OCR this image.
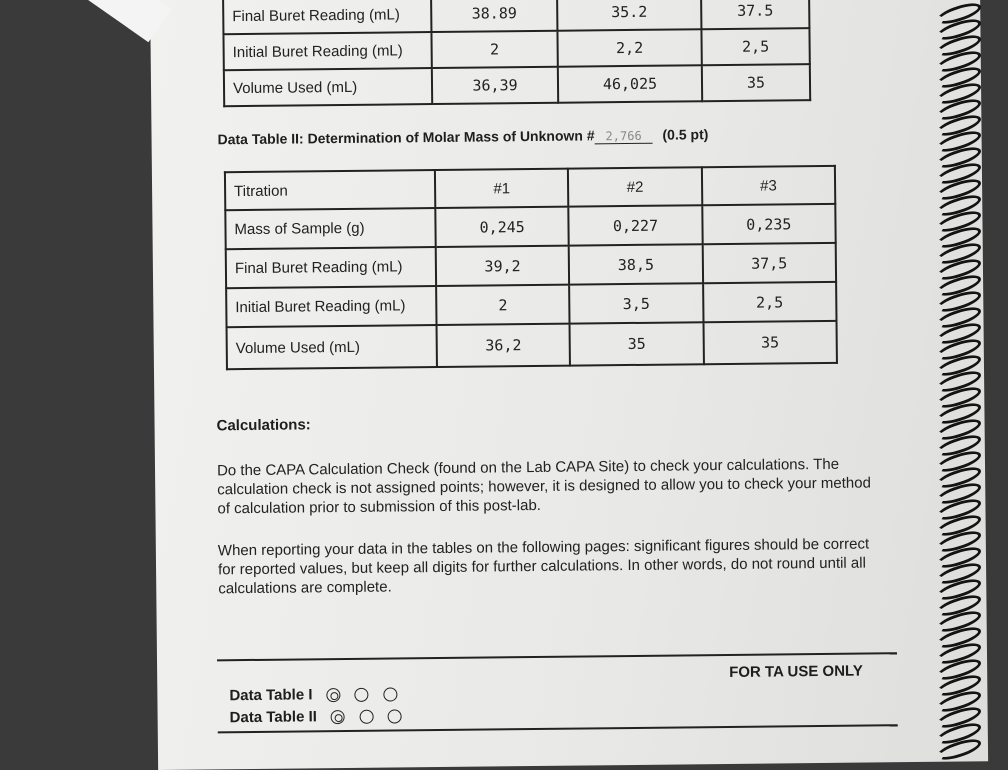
Final Buret Reading (mL)	38.89	35.2	37.5
Initial Buret Reading (mL)	2	2,2	2,5
Volume Used (mL)	36,39	46,025	35
Data Table II: Determination of Molar Mass of Unknown # 2,766 (0.5 pt)
Titration	#1	#2	#3
Mass of Sample (g)	0,245	0,227	0,235
Final Buret Reading (mL)	39,2	38,5	37,5
Initial Buret Reading (mL)	2	3,5	2,5
Volume Used (mL)	36,2	35	35
Calculations:
Do the CAPA Calculation Check (found on the Lab CAPA Site) to check your calculations. The calculation check is not assigned points; however, it is designed to allow you to check your method of calculation prior to submission of this post-lab.
When reporting your data in the tables on the following pages: significant figures should be correct for reported values, but keep all digits for further calculations. In other words, do not round until all calculations are complete.
FOR TA USE ONLY
Data Table I
Data Table II
